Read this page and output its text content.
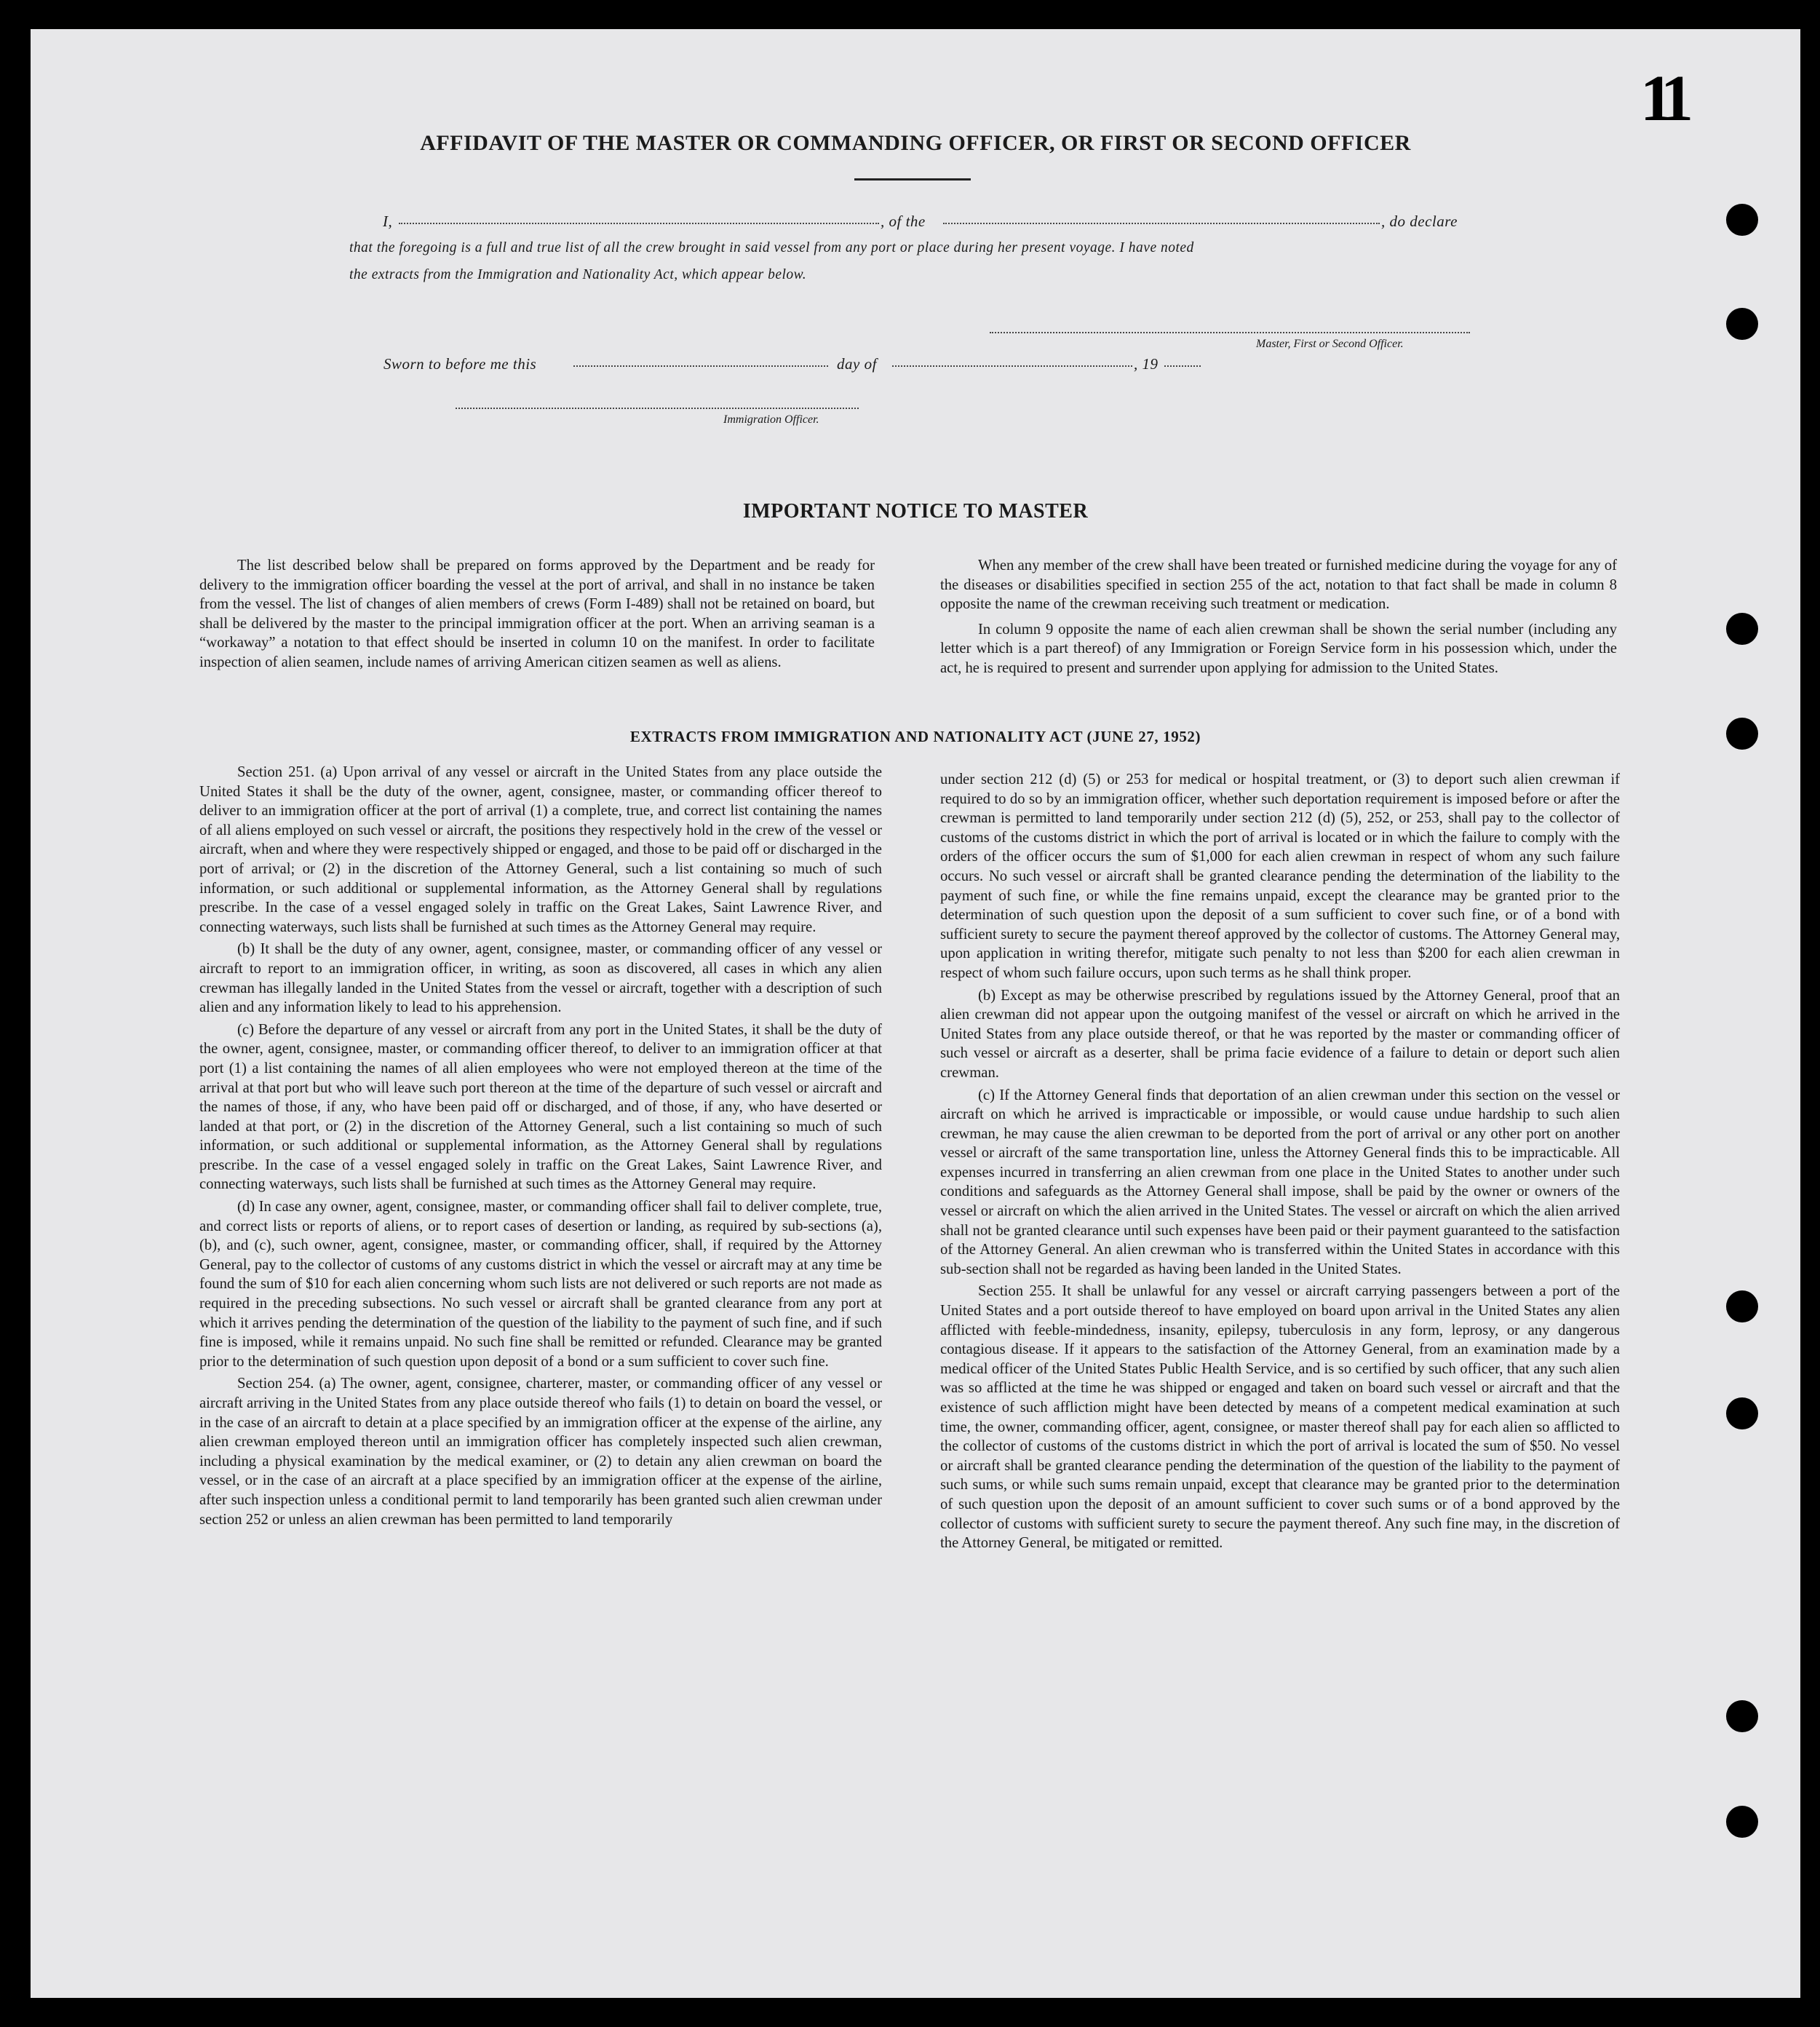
11
AFFIDAVIT OF THE MASTER OR COMMANDING OFFICER, OR FIRST OR SECOND OFFICER
I,	, of the	, do declare
that the foregoing is a full and true list of all the crew brought in said vessel from any port or place during her present voyage. I have noted
the extracts from the Immigration and Nationality Act, which appear below.
Master, First or Second Officer.
Sworn to before me this	day of	, 19
Immigration Officer.
IMPORTANT NOTICE TO MASTER

The list described below shall be prepared on forms approved by the Department and be ready for delivery to the immigration officer boarding the vessel at the port of arrival, and shall in no instance be taken from the vessel. The list of changes of alien members of crews (Form I-489) shall not be retained on board, but shall be delivered by the master to the principal immigration officer at the port. When an arriving seaman is a “workaway” a notation to that effect should be inserted in column 10 on the manifest. In order to facilitate inspection of alien seamen, include names of arriving American citizen seamen as well as aliens.

When any member of the crew shall have been treated or furnished medicine during the voyage for any of the diseases or disabilities specified in section 255 of the act, notation to that fact shall be made in column 8 opposite the name of the crewman receiving such treatment or medication.

In column 9 opposite the name of each alien crewman shall be shown the serial number (including any letter which is a part thereof) of any Immigration or Foreign Service form in his possession which, under the act, he is required to present and surrender upon applying for admission to the United States.

EXTRACTS FROM IMMIGRATION AND NATIONALITY ACT (JUNE 27, 1952)

Section 251. (a) Upon arrival of any vessel or aircraft in the United States from any place outside the United States it shall be the duty of the owner, agent, consignee, master, or commanding officer thereof to deliver to an immigration officer at the port of arrival (1) a complete, true, and correct list containing the names of all aliens employed on such vessel or aircraft, the positions they respectively hold in the crew of the vessel or aircraft, when and where they were respectively shipped or engaged, and those to be paid off or discharged in the port of arrival; or (2) in the discretion of the Attorney General, such a list containing so much of such information, or such additional or supplemental information, as the Attorney General shall by regulations prescribe. In the case of a vessel engaged solely in traffic on the Great Lakes, Saint Lawrence River, and connecting waterways, such lists shall be furnished at such times as the Attorney General may require.

(b) It shall be the duty of any owner, agent, consignee, master, or commanding officer of any vessel or aircraft to report to an immigration officer, in writing, as soon as discovered, all cases in which any alien crewman has illegally landed in the United States from the vessel or aircraft, together with a description of such alien and any information likely to lead to his apprehension.

(c) Before the departure of any vessel or aircraft from any port in the United States, it shall be the duty of the owner, agent, consignee, master, or commanding officer thereof, to deliver to an immigration officer at that port (1) a list containing the names of all alien employees who were not employed thereon at the time of the arrival at that port but who will leave such port thereon at the time of the departure of such vessel or aircraft and the names of those, if any, who have been paid off or discharged, and of those, if any, who have deserted or landed at that port, or (2) in the discretion of the Attorney General, such a list containing so much of such information, or such additional or supplemental information, as the Attorney General shall by regulations prescribe. In the case of a vessel engaged solely in traffic on the Great Lakes, Saint Lawrence River, and connecting waterways, such lists shall be furnished at such times as the Attorney General may require.

(d) In case any owner, agent, consignee, master, or commanding officer shall fail to deliver complete, true, and correct lists or reports of aliens, or to report cases of desertion or landing, as required by sub-sections (a), (b), and (c), such owner, agent, consignee, master, or commanding officer, shall, if required by the Attorney General, pay to the collector of customs of any customs district in which the vessel or aircraft may at any time be found the sum of $10 for each alien concerning whom such lists are not delivered or such reports are not made as required in the preceding subsections. No such vessel or aircraft shall be granted clearance from any port at which it arrives pending the determination of the question of the liability to the payment of such fine, and if such fine is imposed, while it remains unpaid. No such fine shall be remitted or refunded. Clearance may be granted prior to the determination of such question upon deposit of a bond or a sum sufficient to cover such fine.

Section 254. (a) The owner, agent, consignee, charterer, master, or commanding officer of any vessel or aircraft arriving in the United States from any place outside thereof who fails (1) to detain on board the vessel, or in the case of an aircraft to detain at a place specified by an immigration officer at the expense of the airline, any alien crewman employed thereon until an immigration officer has completely inspected such alien crewman, including a physical examination by the medical examiner, or (2) to detain any alien crewman on board the vessel, or in the case of an aircraft at a place specified by an immigration officer at the expense of the airline, after such inspection unless a conditional permit to land temporarily has been granted such alien crewman under section 252 or unless an alien crewman has been permitted to land temporarily

under section 212 (d) (5) or 253 for medical or hospital treatment, or (3) to deport such alien crewman if required to do so by an immigration officer, whether such deportation requirement is imposed before or after the crewman is permitted to land temporarily under section 212 (d) (5), 252, or 253, shall pay to the collector of customs of the customs district in which the port of arrival is located or in which the failure to comply with the orders of the officer occurs the sum of $1,000 for each alien crewman in respect of whom any such failure occurs. No such vessel or aircraft shall be granted clearance pending the determination of the liability to the payment of such fine, or while the fine remains unpaid, except the clearance may be granted prior to the determination of such question upon the deposit of a sum sufficient to cover such fine, or of a bond with sufficient surety to secure the payment thereof approved by the collector of customs. The Attorney General may, upon application in writing therefor, mitigate such penalty to not less than $200 for each alien crewman in respect of whom such failure occurs, upon such terms as he shall think proper.

(b) Except as may be otherwise prescribed by regulations issued by the Attorney General, proof that an alien crewman did not appear upon the outgoing manifest of the vessel or aircraft on which he arrived in the United States from any place outside thereof, or that he was reported by the master or commanding officer of such vessel or aircraft as a deserter, shall be prima facie evidence of a failure to detain or deport such alien crewman.

(c) If the Attorney General finds that deportation of an alien crewman under this section on the vessel or aircraft on which he arrived is impracticable or impossible, or would cause undue hardship to such alien crewman, he may cause the alien crewman to be deported from the port of arrival or any other port on another vessel or aircraft of the same transportation line, unless the Attorney General finds this to be impracticable. All expenses incurred in transferring an alien crewman from one place in the United States to another under such conditions and safeguards as the Attorney General shall impose, shall be paid by the owner or owners of the vessel or aircraft on which the alien arrived in the United States. The vessel or aircraft on which the alien arrived shall not be granted clearance until such expenses have been paid or their payment guaranteed to the satisfaction of the Attorney General. An alien crewman who is transferred within the United States in accordance with this sub-section shall not be regarded as having been landed in the United States.

Section 255. It shall be unlawful for any vessel or aircraft carrying passengers between a port of the United States and a port outside thereof to have employed on board upon arrival in the United States any alien afflicted with feeble-mindedness, insanity, epilepsy, tuberculosis in any form, leprosy, or any dangerous contagious disease. If it appears to the satisfaction of the Attorney General, from an examination made by a medical officer of the United States Public Health Service, and is so certified by such officer, that any such alien was so afflicted at the time he was shipped or engaged and taken on board such vessel or aircraft and that the existence of such affliction might have been detected by means of a competent medical examination at such time, the owner, commanding officer, agent, consignee, or master thereof shall pay for each alien so afflicted to the collector of customs of the customs district in which the port of arrival is located the sum of $50. No vessel or aircraft shall be granted clearance pending the determination of the question of the liability to the payment of such sums, or while such sums remain unpaid, except that clearance may be granted prior to the determination of such question upon the deposit of an amount sufficient to cover such sums or of a bond approved by the collector of customs with sufficient surety to secure the payment thereof. Any such fine may, in the discretion of the Attorney General, be mitigated or remitted.
